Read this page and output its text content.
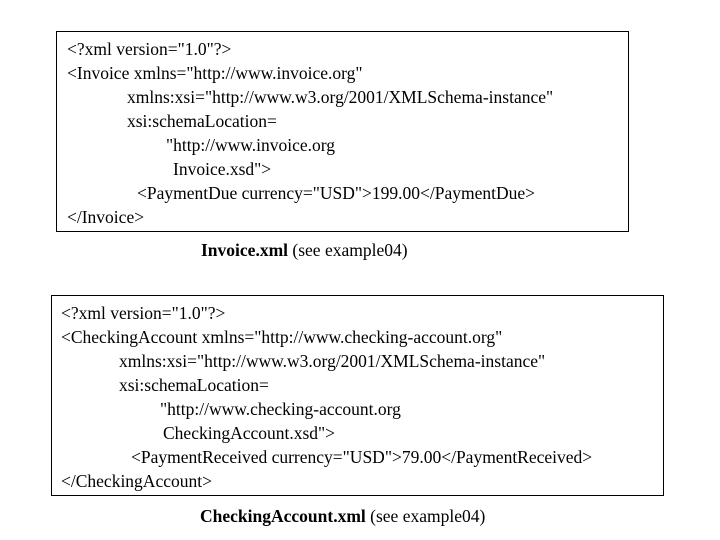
<?xml version="1.0"?>
<Invoice xmlns="http://www.invoice.org"
xmlns:xsi="http://www.w3.org/2001/XMLSchema-instance"
xsi:schemaLocation=
"http://www.invoice.org
Invoice.xsd">
<PaymentDue currency="USD">199.00</PaymentDue>
</Invoice>
Invoice.xml (see example04)
<?xml version="1.0"?>
<CheckingAccount xmlns="http://www.checking-account.org"
xmlns:xsi="http://www.w3.org/2001/XMLSchema-instance"
xsi:schemaLocation=
"http://www.checking-account.org
CheckingAccount.xsd">
<PaymentReceived currency="USD">79.00</PaymentReceived>
</CheckingAccount>
CheckingAccount.xml (see example04)
